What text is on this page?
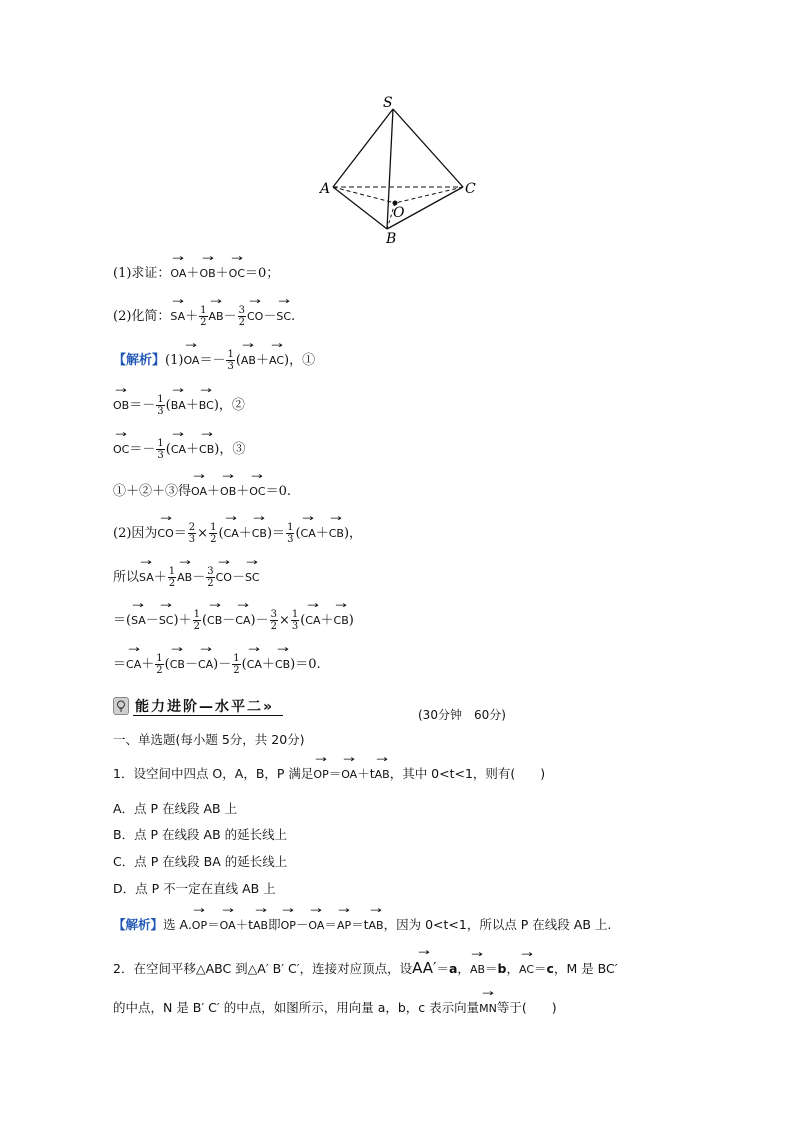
S
A	C
B
O
(1)求证：→ OA＋→ OB＋→ OC＝0；
(2)化简：→ $SA+ \frac{1}{2}$
→ $AB- \frac{3}{2}$
→ CO－→ SC.
【解析】$(1)\to OA=- \frac{1}{3}$ (→ AB＋→ AC)，①
→ $OB=- \frac{1}{3}$ (→ BA＋→ BC)，②
→ $OC=- \frac{1}{3}$ (→ CA＋→ CB)，③
①＋②＋③得→ OA＋→ OB＋→ OC＝0.
(2)因为→ $CO= \frac{2}{3} \times \frac{1}{2}$ (→ $CA+\to CB)= \frac{1}{3}$ (→ CA＋→ CB)，
所以→ $SA+ \frac{1}{2}$
→ $AB- \frac{3}{2}$
→ CO－→ SC
＝(→ $SA-\to SC)+ \frac{1}{2}$ (→ $CB-\to CA)- \frac{3}{2} \times \frac{1}{3}$ (→ CA＋→ CB)
＝→ $CA+ \frac{1}{2}$ (→ $CB-\to CA)- \frac{1}{2}$ (→ CA＋→ CB)＝0.
能力进阶—水平二»	(30分钟　60分)
一、单选题(每小题 5分，共 20分)
1．设空间中四点 O，A，B，P 满足→ OP＝→ OA＋t→ AB，其中 0<t<1，则有(　　)
A．点 P 在线段 AB 上
B．点 P 在线段 AB 的延长线上
C．点 P 在线段 BA 的延长线上
D．点 P 不一定在直线 AB 上
【解析】选 A.→ OP＝→ OA＋t→ AB即→ OP－→ OA＝→ AP＝t→ AB，因为 0<t<1，所以点 P 在线段 AB 上.
2．在空间平移△ABC 到△A′ B′ C′，连接对应顶点，设→ AA′＝a，→ AB＝b，→ AC＝c，M 是 BC′
的中点，N 是 B′ C′ 的中点，如图所示，用向量 a，b，c 表示向量→ MN等于(　　)
